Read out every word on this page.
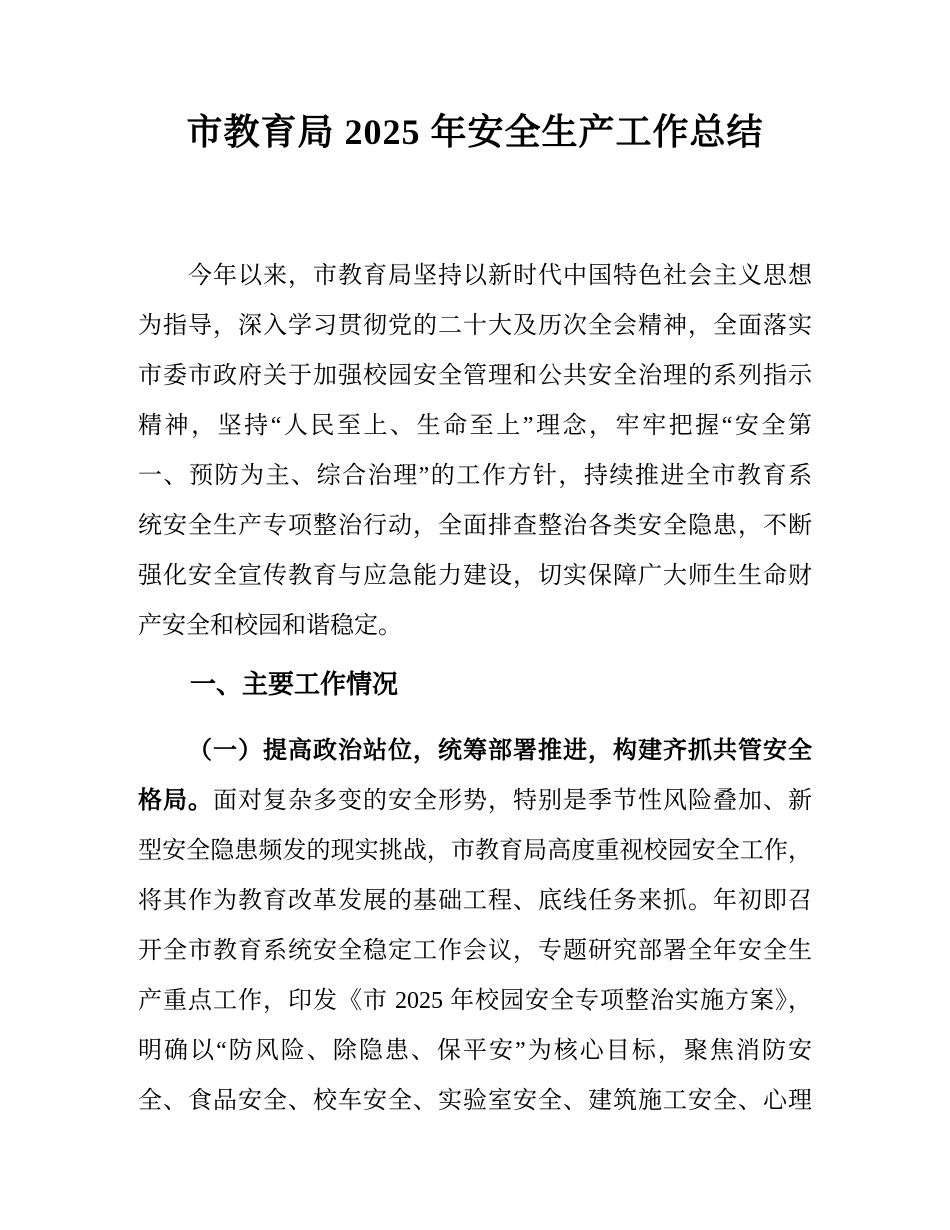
市教育局 2025 年安全生产工作总结
今年以来，市教育局坚持以新时代中国特色社会主义思想
为指导，深入学习贯彻党的二十大及历次全会精神，全面落实
市委市政府关于加强校园安全管理和公共安全治理的系列指示
精神，坚持“人民至上、生命至上”理念，牢牢把握“安全第
一、预防为主、综合治理”的工作方针，持续推进全市教育系
统安全生产专项整治行动，全面排查整治各类安全隐患，不断
强化安全宣传教育与应急能力建设，切实保障广大师生生命财
产安全和校园和谐稳定。
一、主要工作情况
（一）提高政治站位，统筹部署推进，构建齐抓共管安全
格局。面对复杂多变的安全形势，特别是季节性风险叠加、新
型安全隐患频发的现实挑战，市教育局高度重视校园安全工作，
将其作为教育改革发展的基础工程、底线任务来抓。年初即召
开全市教育系统安全稳定工作会议，专题研究部署全年安全生
产重点工作，印发《市 2025 年校园安全专项整治实施方案》，
明确以“防风险、除隐患、保平安”为核心目标，聚焦消防安
全、食品安全、校车安全、实验室安全、建筑施工安全、心理
